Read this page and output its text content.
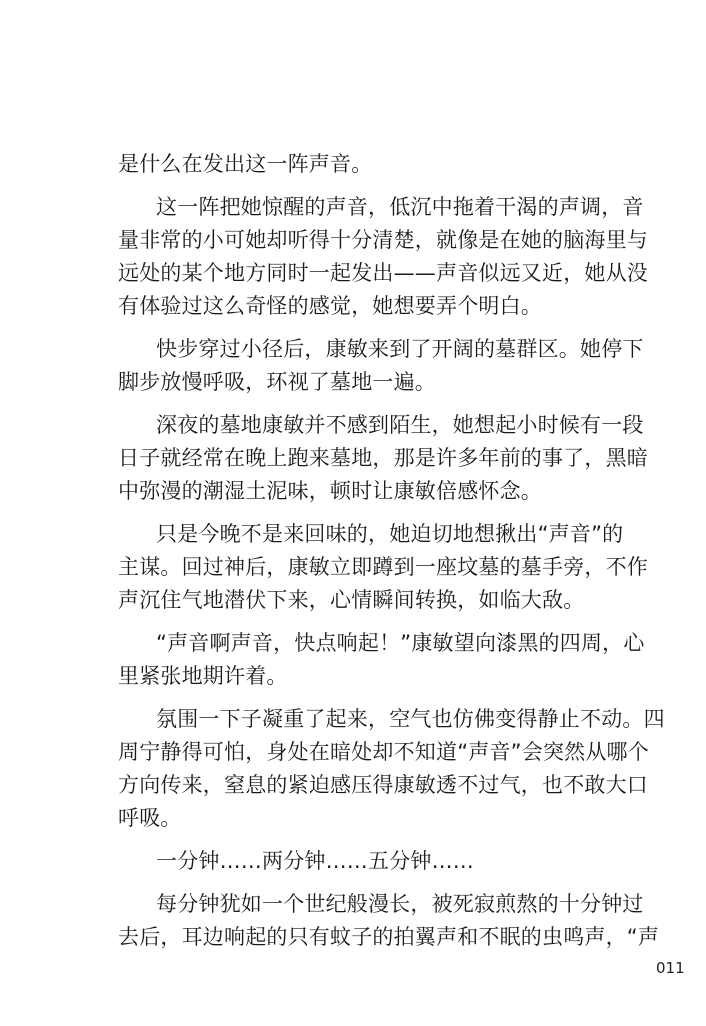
是什么在发出这一阵声音。
这一阵把她惊醒的声音，低沉中拖着干渴的声调，音
量非常的小可她却听得十分清楚，就像是在她的脑海里与
远处的某个地方同时一起发出——声音似远又近，她从没
有体验过这么奇怪的感觉，她想要弄个明白。
快步穿过小径后，康敏来到了开阔的墓群区。她停下
脚步放慢呼吸，环视了墓地一遍。
深夜的墓地康敏并不感到陌生，她想起小时候有一段
日子就经常在晚上跑来墓地，那是许多年前的事了，黑暗
中弥漫的潮湿土泥味，顿时让康敏倍感怀念。
只是今晚不是来回味的，她迫切地想揪出“声音”的
主谋。回过神后，康敏立即蹲到一座坟墓的墓手旁，不作
声沉住气地潜伏下来，心情瞬间转换，如临大敌。
“声音啊声音，快点响起！”康敏望向漆黑的四周，心
里紧张地期许着。
氛围一下子凝重了起来，空气也仿佛变得静止不动。四
周宁静得可怕，身处在暗处却不知道“声音”会突然从哪个
方向传来，窒息的紧迫感压得康敏透不过气，也不敢大口
呼吸。
一分钟……两分钟……五分钟……
每分钟犹如一个世纪般漫长，被死寂煎熬的十分钟过
去后，耳边响起的只有蚊子的拍翼声和不眠的虫鸣声，“声
011
